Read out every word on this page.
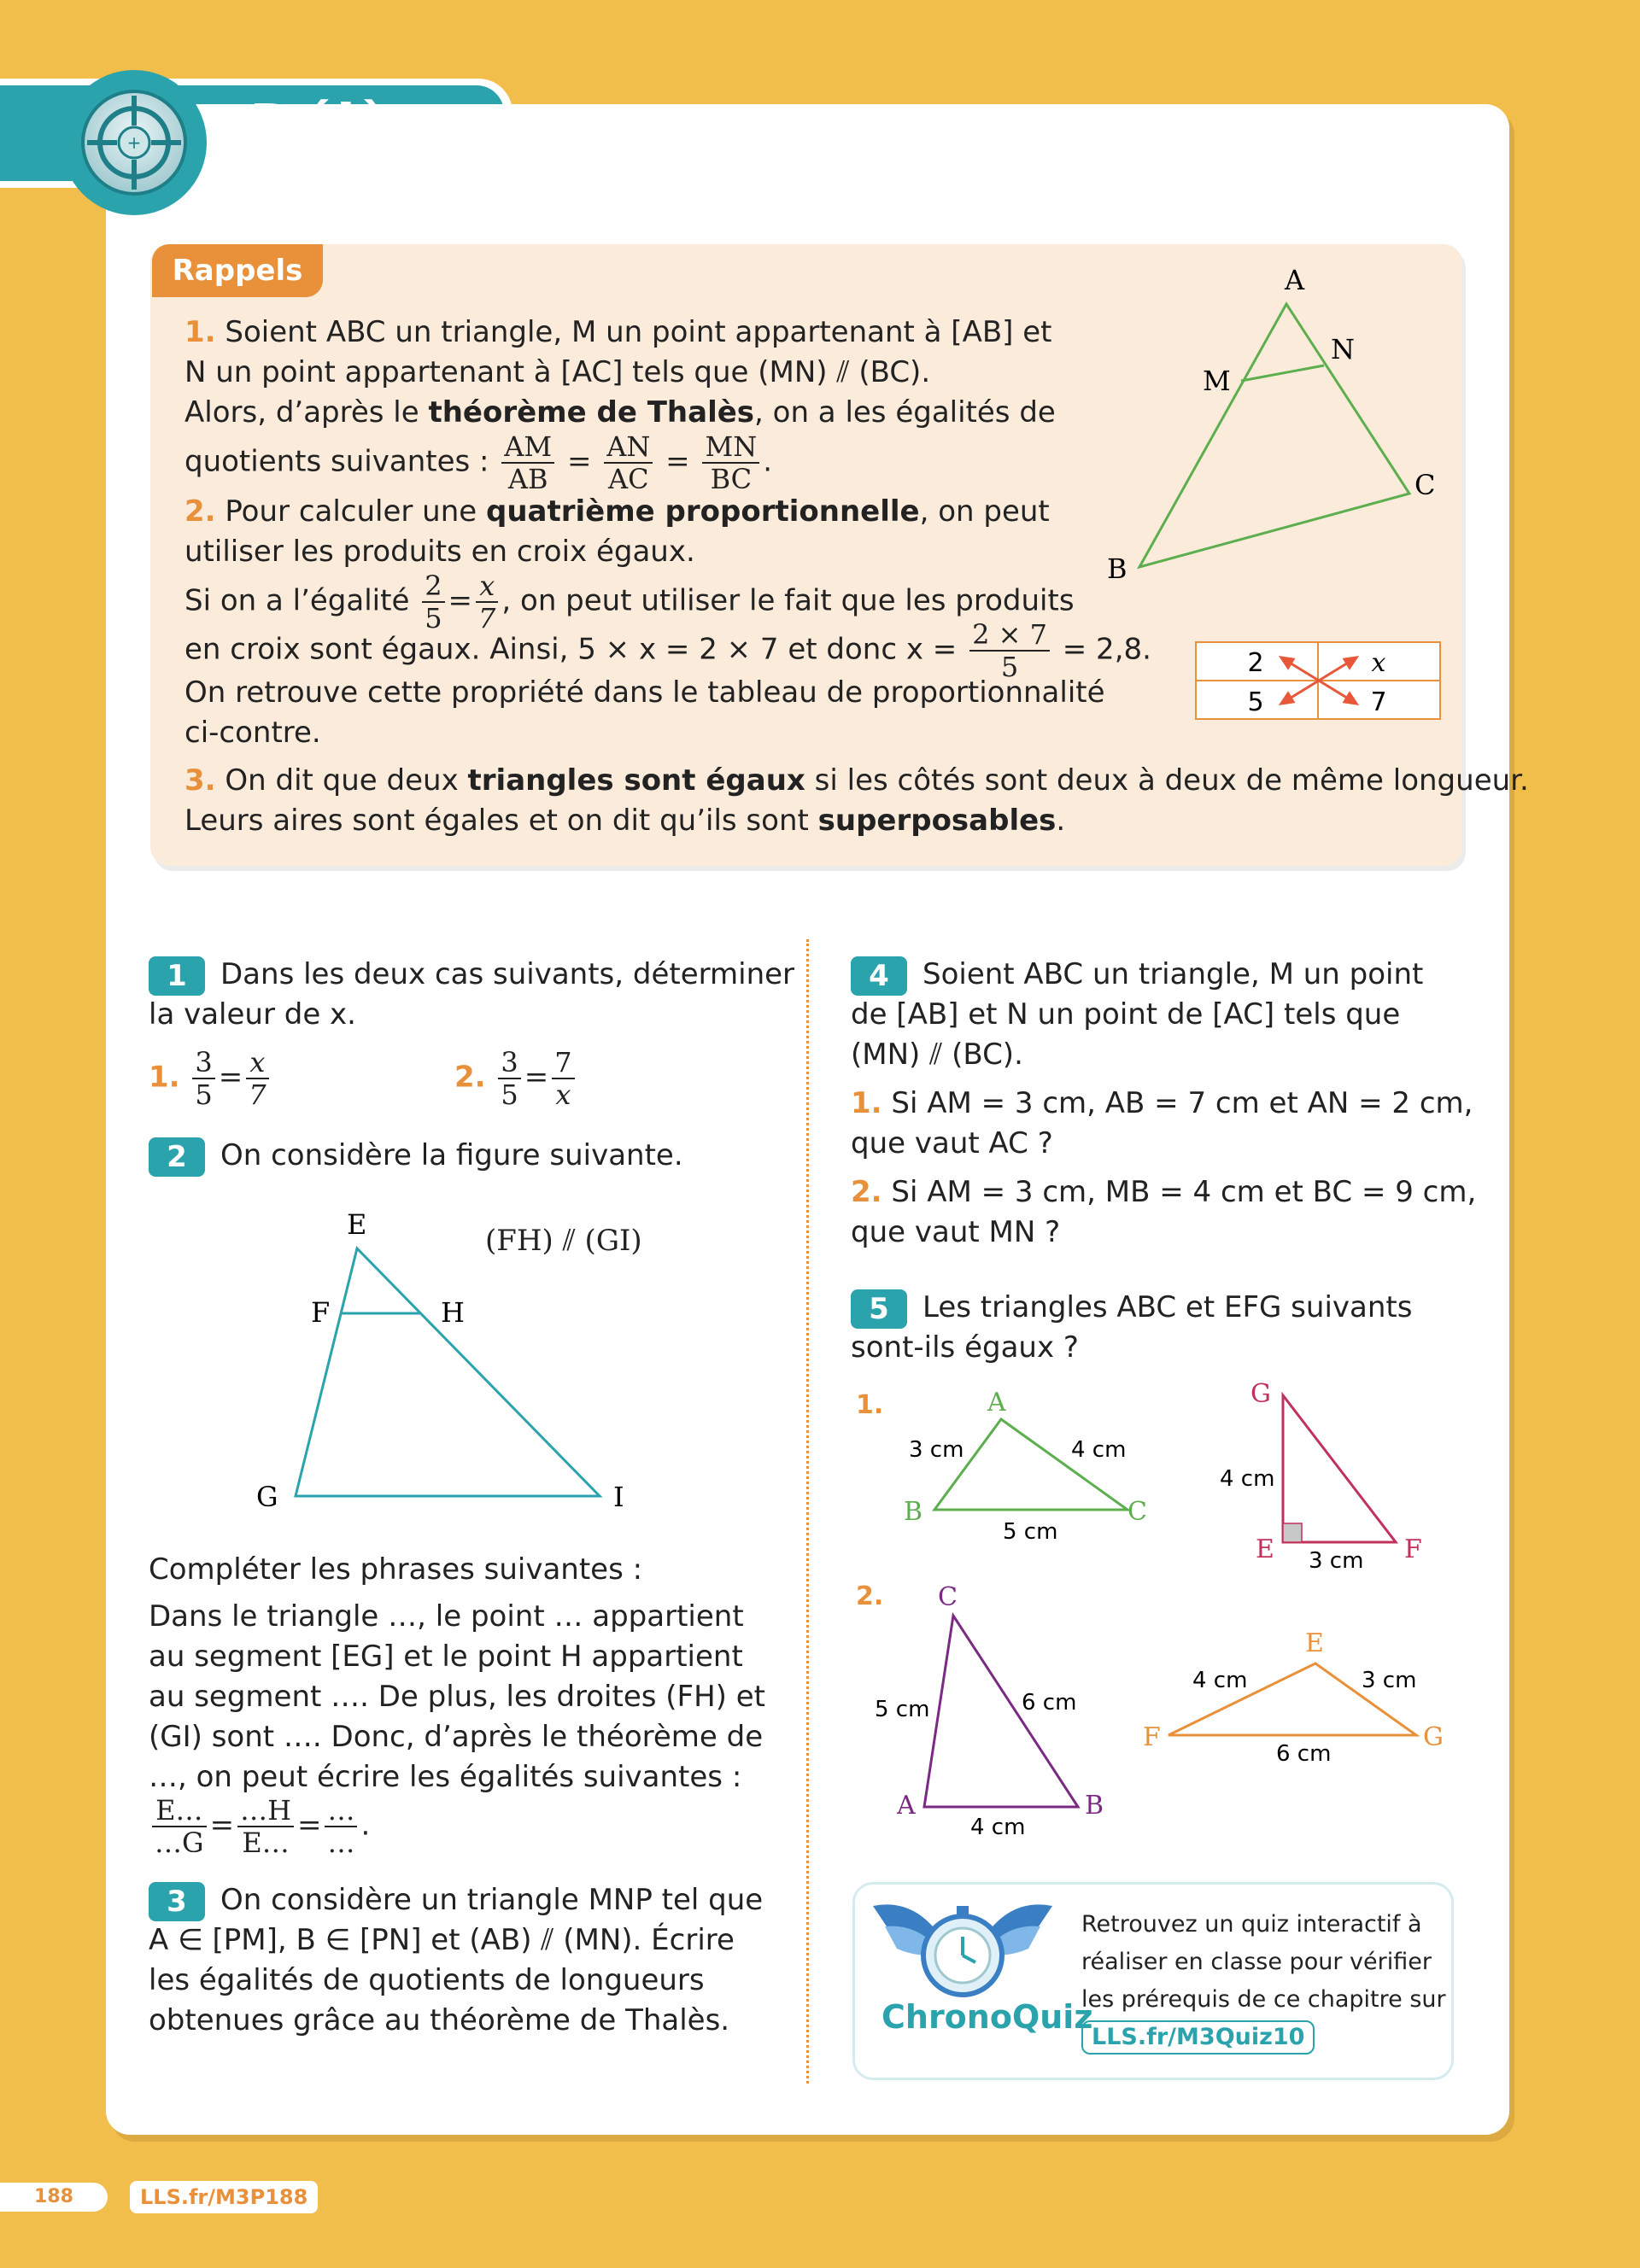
+ Déjà vu
Rappels
1. Soient ABC un triangle, M un point appartenant à [AB] et
N un point appartenant à [AC] tels que (MN) ⫽ (BC).
Alors, d’après le théorème de Thalès, on a les égalités de
quotients suivantes : $\frac{AM}{AB} = \frac{AN}{AC} = \frac{MN}{BC}$ .
2. Pour calculer une quatrième proportionnelle, on peut
utiliser les produits en croix égaux.
Si on a l’égalité $\frac{2}{5} = \frac{x}{7}$ , on peut utiliser le fait que les produits
en croix sont égaux. Ainsi, 5 × x = 2 × 7 et donc $x = \frac{2 \times 7}{5} = 2,8$.
On retrouve cette propriété dans le tableau de proportionnalité
ci-contre.
3. On dit que deux triangles sont égaux si les côtés sont deux à deux de même longueur.
Leurs aires sont égales et on dit qu’ils sont superposables.
A
N
M
C
B
2	x
5	7
1 Dans les deux cas suivants, déterminer
la valeur de x.
1. $\frac{3}{5} = \frac{x}{7}$	2. $\frac{3}{5} = \frac{7}{x}$
2 On considère la figure suivante.
(FH) ⫽ (GI)
E
F	H
G	I
Compléter les phrases suivantes :
Dans le triangle …, le point … appartient
au segment [EG] et le point H appartient
au segment …. De plus, les droites (FH) et
(GI) sont …. Donc, d’après le théorème de
…, on peut écrire les égalités suivantes :
$\frac{E\dots}{\dots G} = \frac{\dots H}{E\dots} = \frac{\dots}{\dots}$ .
3 On considère un triangle MNP tel que
A ∈ [PM], B ∈ [PN] et (AB) ⫽ (MN). Écrire
les égalités de quotients de longueurs
obtenues grâce au théorème de Thalès.
4 Soient ABC un triangle, M un point
de [AB] et N un point de [AC] tels que
(MN) ⫽ (BC).
1. Si AM = 3 cm, AB = 7 cm et AN = 2 cm,
que vaut AC ?
2. Si AM = 3 cm, MB = 4 cm et BC = 9 cm,
que vaut MN ?
5 Les triangles ABC et EFG suivants
sont-ils égaux ?
1.
2.
A
B	C
3 cm	4 cm
5 cm
G
E	F
4 cm
3 cm
C
A	B
5 cm	6 cm
4 cm
E
F	G
4 cm	3 cm
6 cm
ChronoQuiz
Retrouvez un quiz interactif à
réaliser en classe pour vérifier
les prérequis de ce chapitre sur
LLS.fr/M3Quiz10
188	LLS.fr/M3P188
